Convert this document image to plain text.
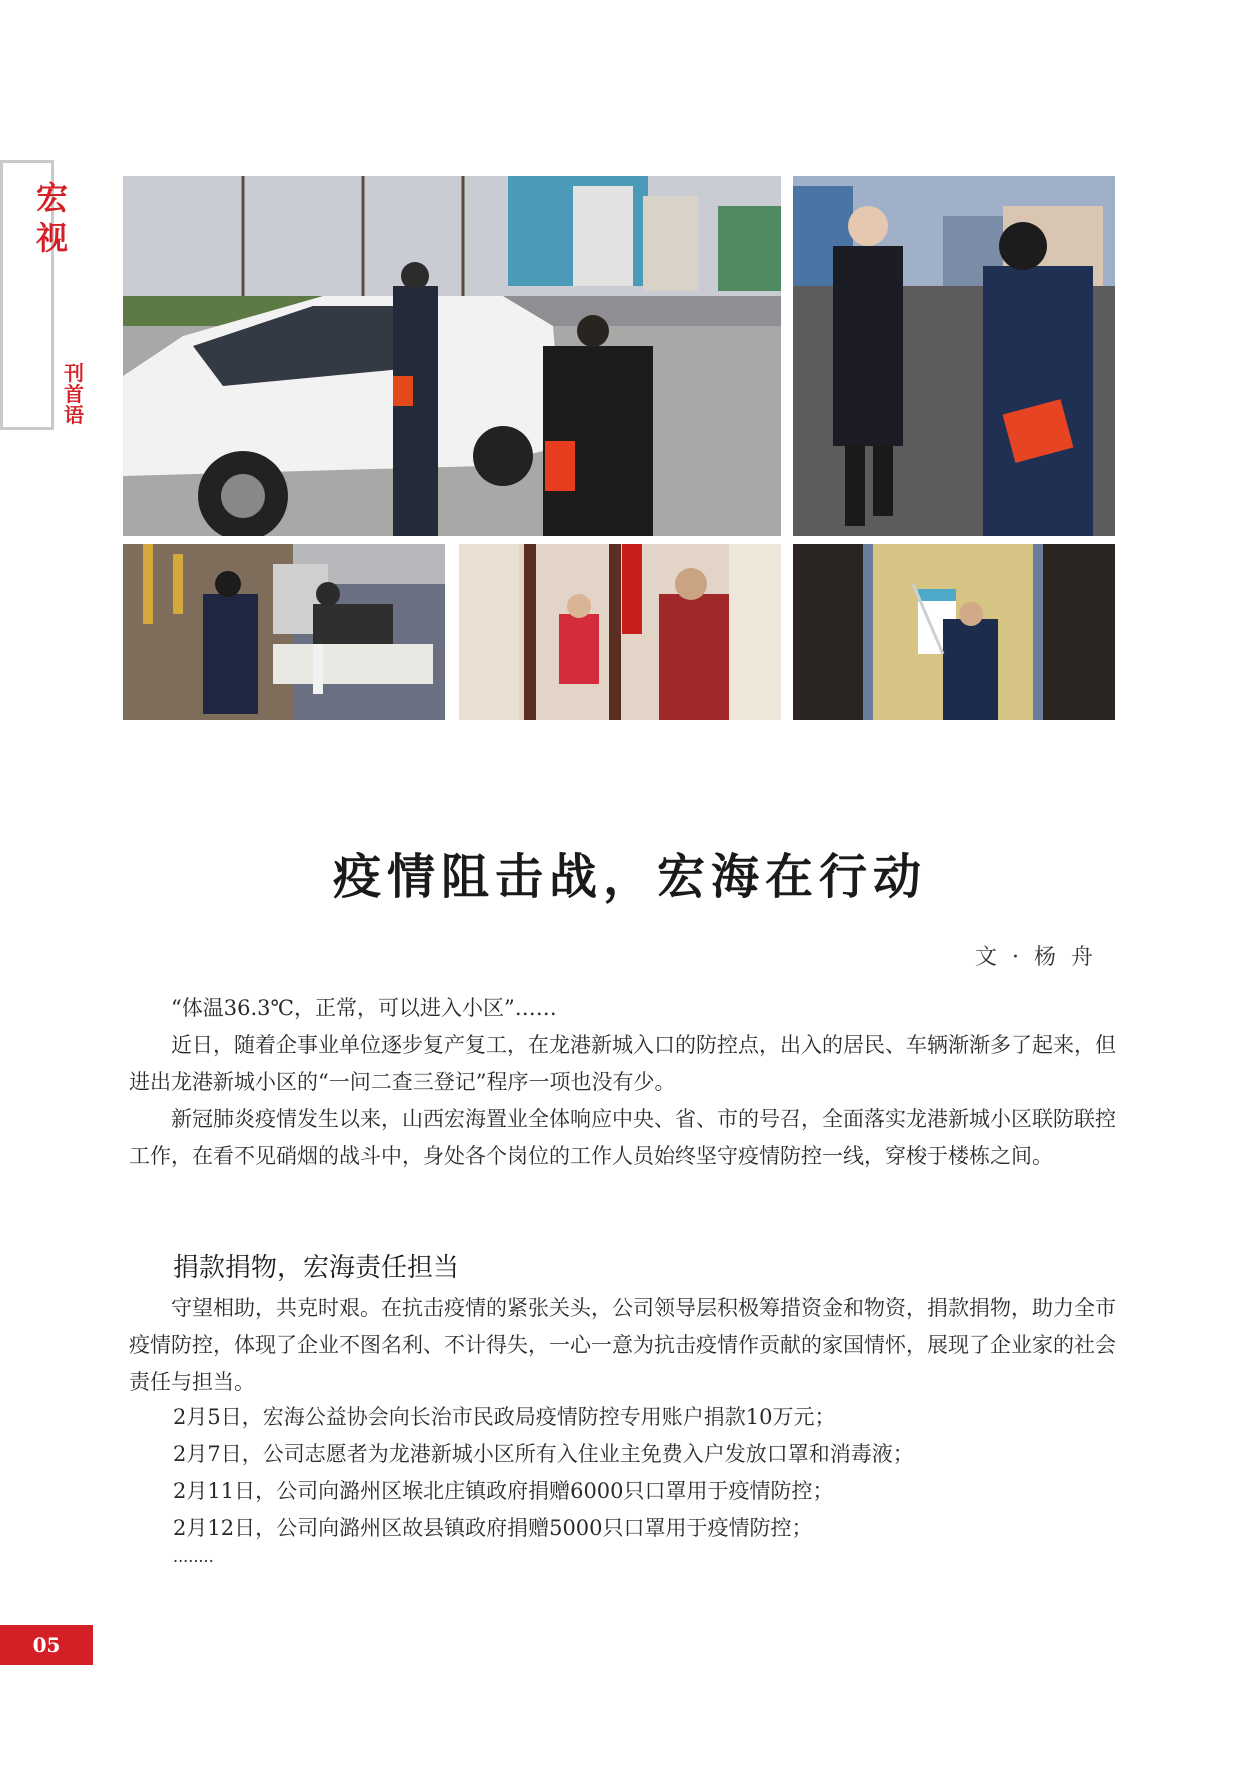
宏
视
刊首语
疫情阻击战，宏海在行动
文 · 杨 舟

“体温36.3℃，正常，可以进入小区”……

近日，随着企事业单位逐步复产复工，在龙港新城入口的防控点，出入的居民、车辆渐渐多了起来，但进出龙港新城小区的“一问二查三登记”程序一项也没有少。

新冠肺炎疫情发生以来，山西宏海置业全体响应中央、省、市的号召，全面落实龙港新城小区联防联控工作，在看不见硝烟的战斗中，身处各个岗位的工作人员始终坚守疫情防控一线，穿梭于楼栋之间。

捐款捐物，宏海责任担当

守望相助，共克时艰。在抗击疫情的紧张关头，公司领导层积极筹措资金和物资，捐款捐物，助力全市疫情防控，体现了企业不图名利、不计得失，一心一意为抗击疫情作贡献的家国情怀，展现了企业家的社会责任与担当。

2月5日，宏海公益协会向长治市民政局疫情防控专用账户捐款10万元；
2月7日，公司志愿者为龙港新城小区所有入住业主免费入户发放口罩和消毒液；
2月11日，公司向潞州区堠北庄镇政府捐赠6000只口罩用于疫情防控；
2月12日，公司向潞州区故县镇政府捐赠5000只口罩用于疫情防控；
........
05
